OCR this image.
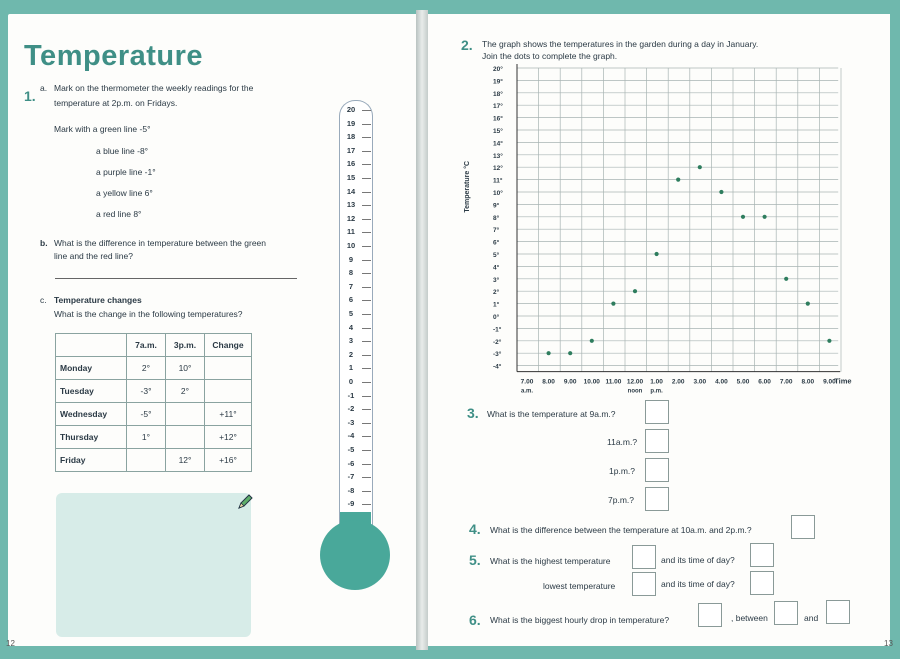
Temperature
1. a. Mark on the thermometer the weekly readings for the
temperature at 2p.m. on Fridays.
Mark with a green line -5°
a blue line -8°
a purple line -1°
a yellow line 6°
a red line 8°
b. What is the difference in temperature between the green
line and the red line?
c. Temperature changes
What is the change in the following temperatures?
	7a.m.	3p.m.	Change
Monday	2°	10°	
Tuesday	-3°	2°	
Wednesday	-5°		+11°
Thursday	1°		+12°
Friday		12°	+16°
20
19
18
17
16
15
14
13
12
11
10
9
8
7
6
5
4
3
2
1
0
-1
-2
-3
-4
-5
-6
-7
-8
-9
12
2. The graph shows the temperatures in the garden during a day in January.
Join the dots to complete the graph.
20°
19°
18°
17°
16°
15°
14°
13°
12°
11°
10°
9°
8°
7°
6°
5°
4°
3°
2°
1°
0°
-1°
-2°
-3°
-4°
7.00 8.00 9.00 10.00 11.00 12.00 1.00 2.00 3.00 4.00 5.00 6.00 7.00 8.00 9.00
a.m.	noon p.m.
Temperature °C
Time
3. What is the temperature at 9a.m.?
11a.m.?
1p.m.?
7p.m.?
4. What is the difference between the temperature at 10a.m. and 2p.m.?
5. What is the highest temperature	and its time of day?
lowest temperature	and its time of day?
6. What is the biggest hourly drop in temperature?	, between	and
13
